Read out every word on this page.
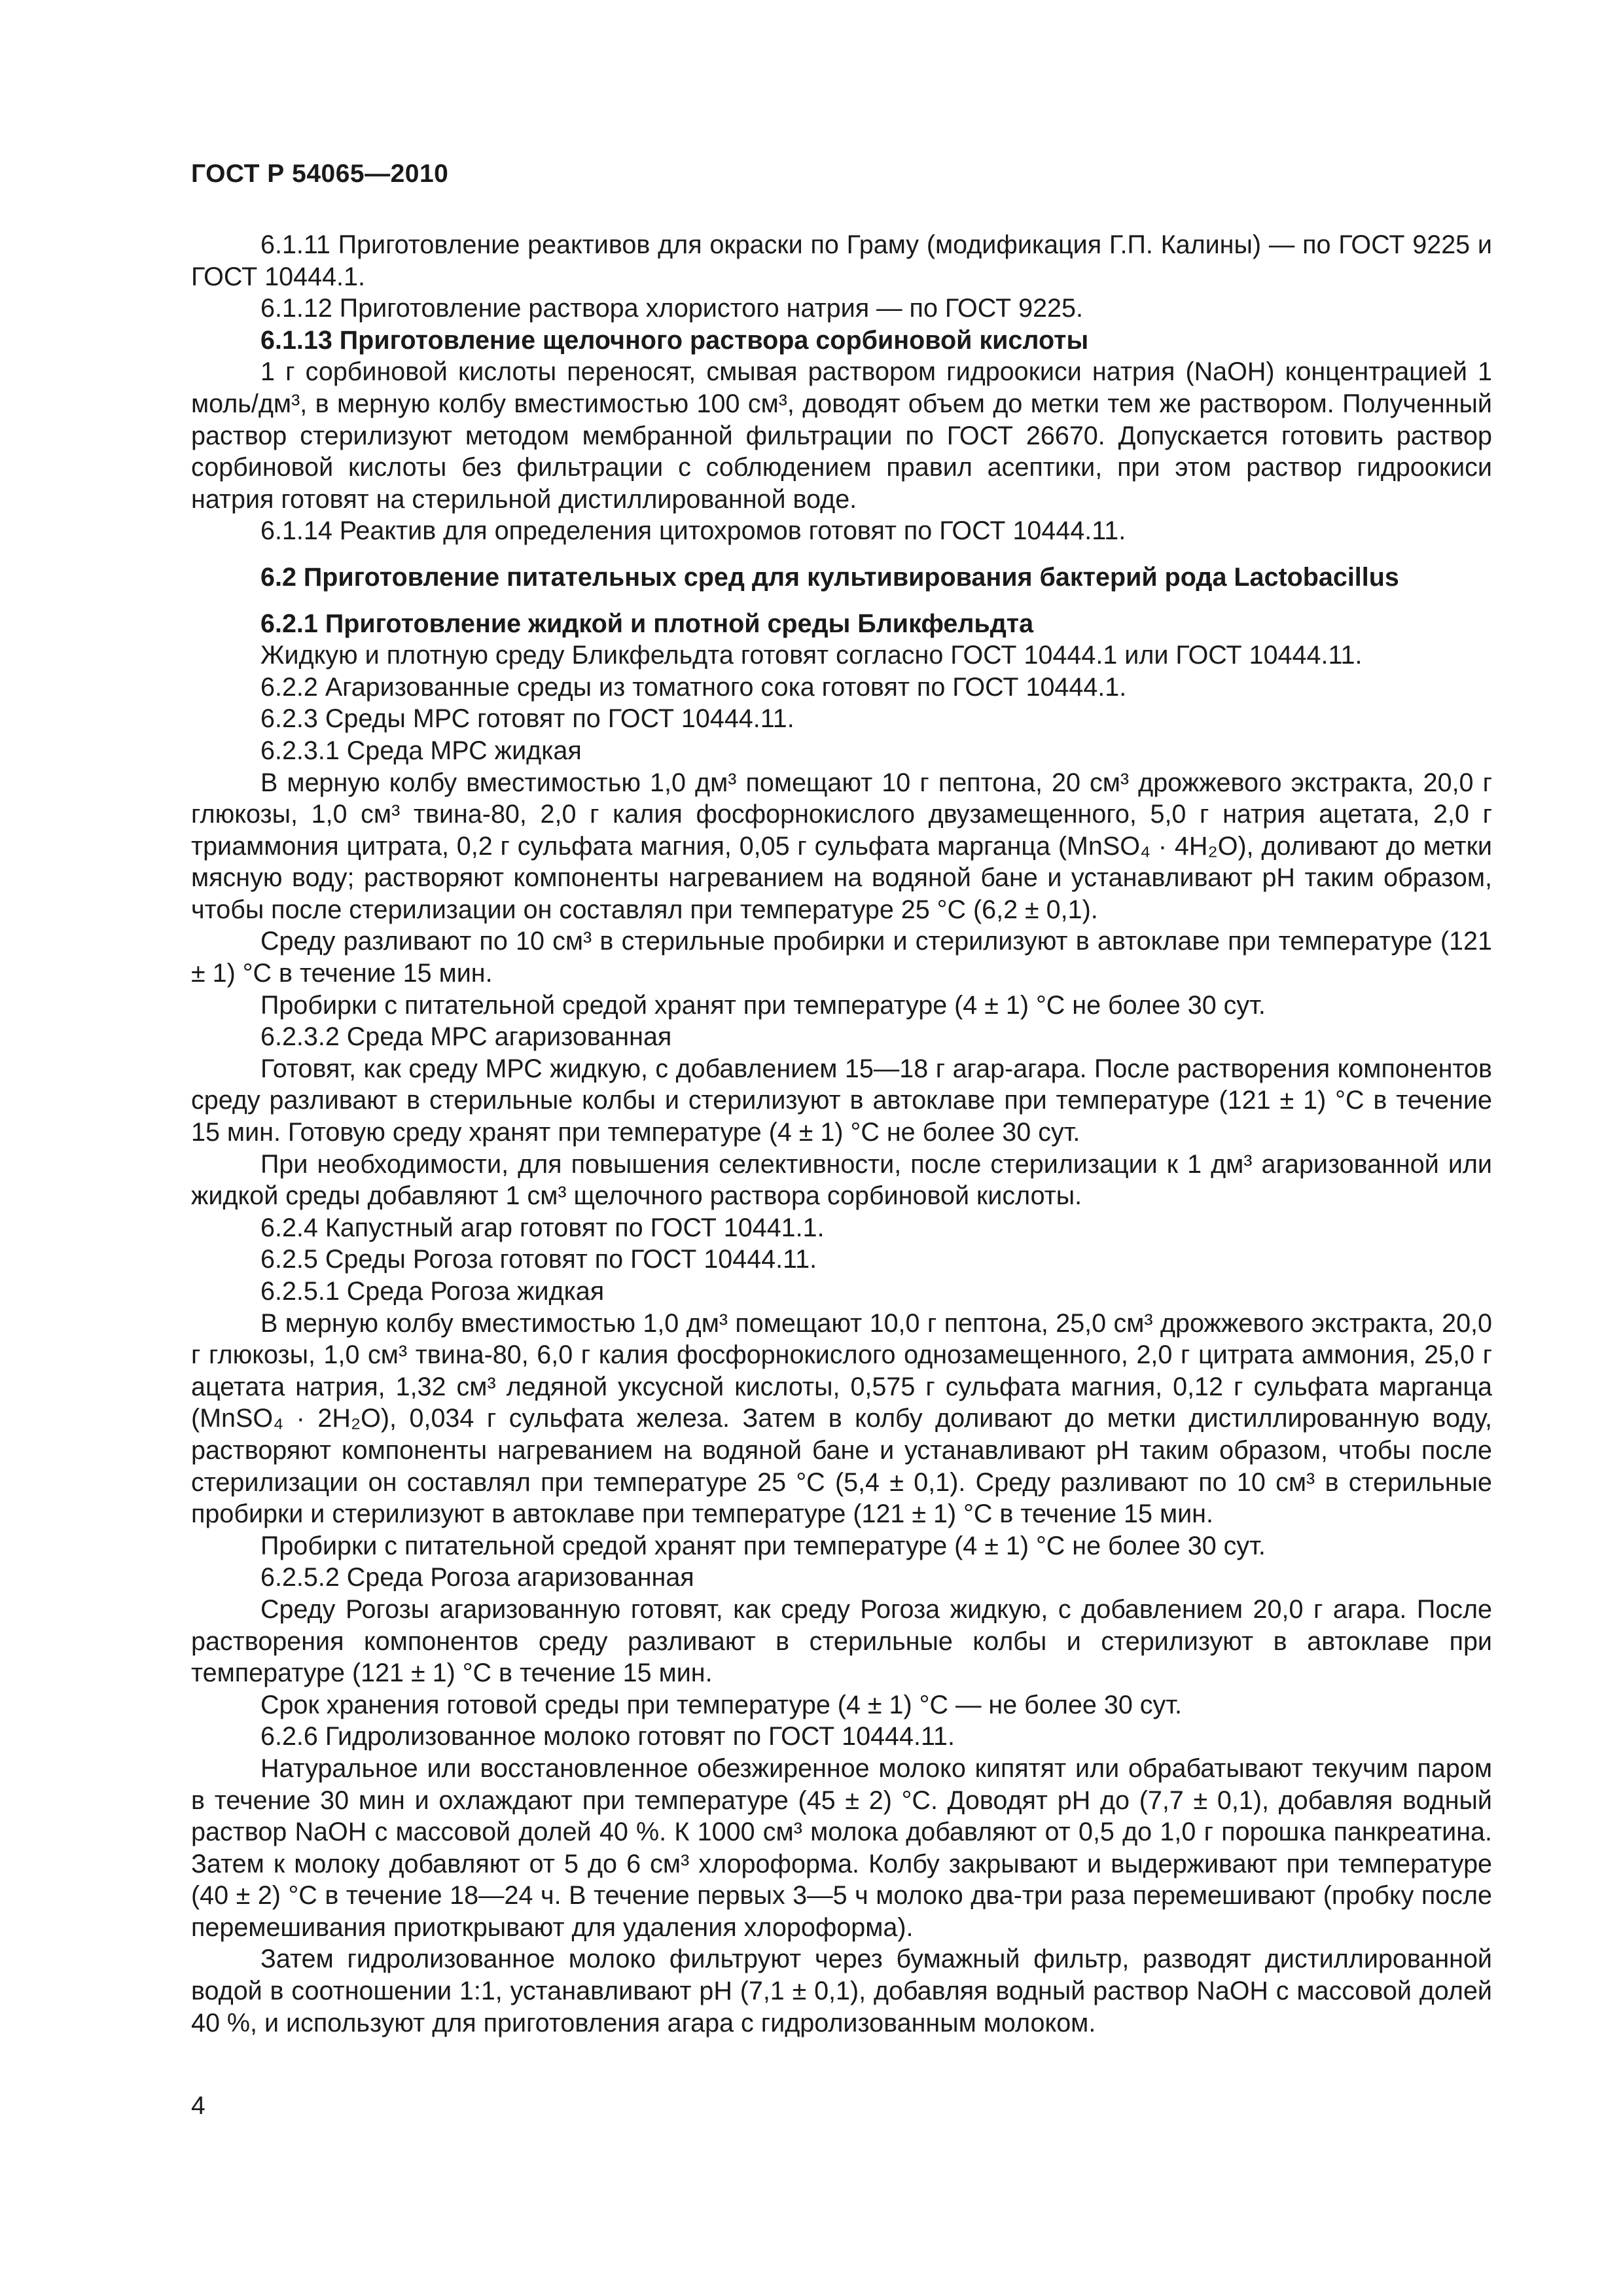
ГОСТ Р 54065—2010

6.1.11 Приготовление реактивов для окраски по Граму (модификация Г.П. Калины) — по ГОСТ 9225 и ГОСТ 10444.1.

6.1.12 Приготовление раствора хлористого натрия — по ГОСТ 9225.

6.1.13 Приготовление щелочного раствора сорбиновой кислоты

1 г сорбиновой кислоты переносят, смывая раствором гидроокиси натрия (NaOH) концентрацией 1 моль/дм³, в мерную колбу вместимостью 100 см³, доводят объем до метки тем же раствором. Полученный раствор стерилизуют методом мембранной фильтрации по ГОСТ 26670. Допускается готовить раствор сорбиновой кислоты без фильтрации с соблюдением правил асептики, при этом раствор гидроокиси натрия готовят на стерильной дистиллированной воде.

6.1.14 Реактив для определения цитохромов готовят по ГОСТ 10444.11.

6.2 Приготовление питательных сред для культивирования бактерий рода Lactobacillus

6.2.1 Приготовление жидкой и плотной среды Бликфельдта

Жидкую и плотную среду Бликфельдта готовят согласно ГОСТ 10444.1 или ГОСТ 10444.11.

6.2.2 Агаризованные среды из томатного сока готовят по ГОСТ 10444.1.

6.2.3 Среды МРС готовят по ГОСТ 10444.11.

6.2.3.1 Среда МРС жидкая

В мерную колбу вместимостью 1,0 дм³ помещают 10 г пептона, 20 см³ дрожжевого экстракта, 20,0 г глюкозы, 1,0 см³ твина-80, 2,0 г калия фосфорнокислого двузамещенного, 5,0 г натрия ацетата, 2,0 г триаммония цитрата, 0,2 г сульфата магния, 0,05 г сульфата марганца (MnSO₄ · 4H₂O), доливают до метки мясную воду; растворяют компоненты нагреванием на водяной бане и устанавливают pH таким образом, чтобы после стерилизации он составлял при температуре 25 °C (6,2 ± 0,1).

Среду разливают по 10 см³ в стерильные пробирки и стерилизуют в автоклаве при температуре (121 ± 1) °С в течение 15 мин.

Пробирки с питательной средой хранят при температуре (4 ± 1) °С не более 30 сут.

6.2.3.2 Среда МРС агаризованная

Готовят, как среду МРС жидкую, с добавлением 15—18 г агар-агара. После растворения компонентов среду разливают в стерильные колбы и стерилизуют в автоклаве при температуре (121 ± 1) °С в течение 15 мин. Готовую среду хранят при температуре (4 ± 1) °С не более 30 сут.

При необходимости, для повышения селективности, после стерилизации к 1 дм³ агаризованной или жидкой среды добавляют 1 см³ щелочного раствора сорбиновой кислоты.

6.2.4 Капустный агар готовят по ГОСТ 10441.1.

6.2.5 Среды Рогоза готовят по ГОСТ 10444.11.

6.2.5.1 Среда Рогоза жидкая

В мерную колбу вместимостью 1,0 дм³ помещают 10,0 г пептона, 25,0 см³ дрожжевого экстракта, 20,0 г глюкозы, 1,0 см³ твина-80, 6,0 г калия фосфорнокислого однозамещенного, 2,0 г цитрата аммония, 25,0 г ацетата натрия, 1,32 см³ ледяной уксусной кислоты, 0,575 г сульфата магния, 0,12 г сульфата марганца (MnSO₄ · 2H₂O), 0,034 г сульфата железа. Затем в колбу доливают до метки дистиллированную воду, растворяют компоненты нагреванием на водяной бане и устанавливают pH таким образом, чтобы после стерилизации он составлял при температуре 25 °С (5,4 ± 0,1). Среду разливают по 10 см³ в стерильные пробирки и стерилизуют в автоклаве при температуре (121 ± 1) °С в течение 15 мин.

Пробирки с питательной средой хранят при температуре (4 ± 1) °С не более 30 сут.

6.2.5.2 Среда Рогоза агаризованная

Среду Рогозы агаризованную готовят, как среду Рогоза жидкую, с добавлением 20,0 г агара. После растворения компонентов среду разливают в стерильные колбы и стерилизуют в автоклаве при температуре (121 ± 1) °С в течение 15 мин.

Срок хранения готовой среды при температуре (4 ± 1) °С — не более 30 сут.

6.2.6 Гидролизованное молоко готовят по ГОСТ 10444.11.

Натуральное или восстановленное обезжиренное молоко кипятят или обрабатывают текучим паром в течение 30 мин и охлаждают при температуре (45 ± 2) °С. Доводят pH до (7,7 ± 0,1), добавляя водный раствор NaOH с массовой долей 40 %. К 1000 см³ молока добавляют от 0,5 до 1,0 г порошка панкреатина. Затем к молоку добавляют от 5 до 6 см³ хлороформа. Колбу закрывают и выдерживают при температуре (40 ± 2) °С в течение 18—24 ч. В течение первых 3—5 ч молоко два-три раза перемешивают (пробку после перемешивания приоткрывают для удаления хлороформа).

Затем гидролизованное молоко фильтруют через бумажный фильтр, разводят дистиллированной водой в соотношении 1:1, устанавливают pH (7,1 ± 0,1), добавляя водный раствор NaOH с массовой долей 40 %, и используют для приготовления агара с гидролизованным молоком.

4
